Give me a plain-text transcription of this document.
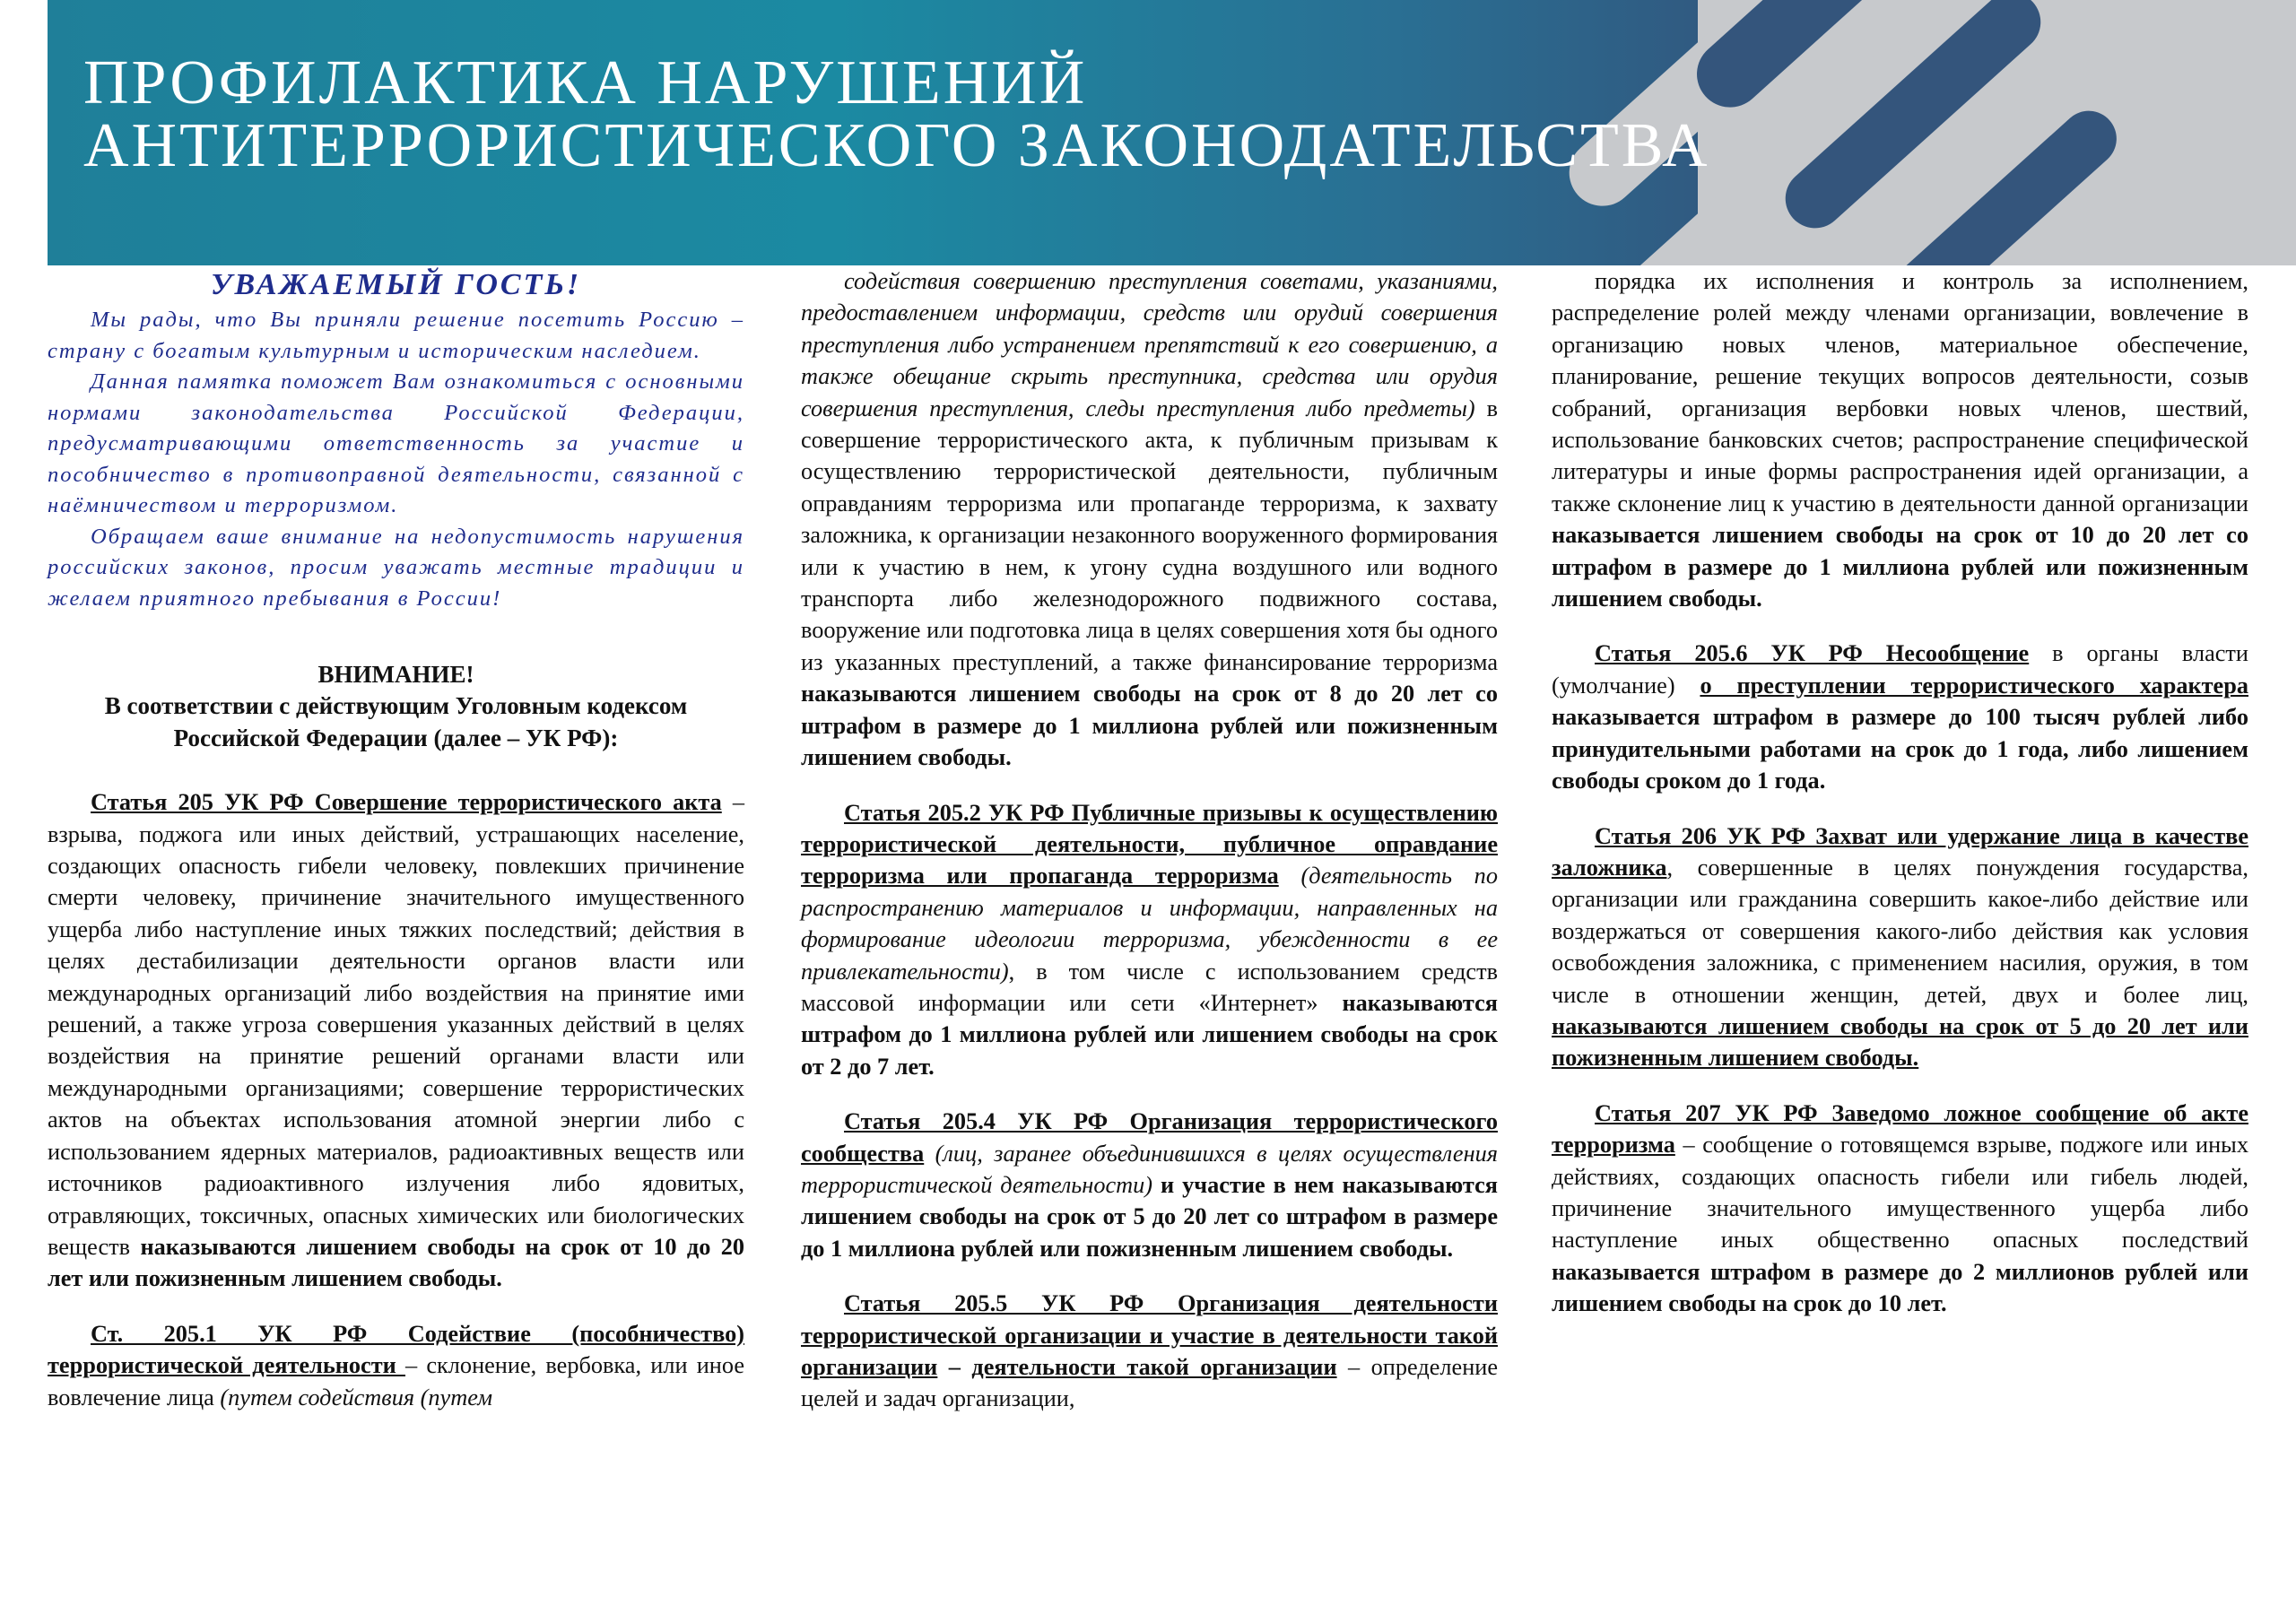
ПРОФИЛАКТИКА НАРУШЕНИЙ
АНТИТЕРРОРИСТИЧЕСКОГО ЗАКОНОДАТЕЛЬСТВА
УВАЖАЕМЫЙ ГОСТЬ!

Мы рады, что Вы приняли решение посетить Россию – страну с богатым культурным и историческим наследием.

Данная памятка поможет Вам ознакомиться с основными нормами законодательства Российской Федерации, предусматривающими ответственность за участие и пособничество в противоправной деятельности, связанной с наёмничеством и терроризмом.

Обращаем ваше внимание на недопустимость нарушения российских законов, просим уважать местные традиции и желаем приятного пребывания в России!

ВНИМАНИЕ!
В соответствии с действующим Уголовным кодексом Российской Федерации (далее – УК РФ):

Статья 205 УК РФ Совершение террористического акта – взрыва, поджога или иных действий, устрашающих население, создающих опасность гибели человеку, повлекших причинение смерти человеку, причинение значительного имущественного ущерба либо наступление иных тяжких последствий; действия в целях дестабилизации деятельности органов власти или международных организаций либо воздействия на принятие ими решений, а также угроза совершения указанных действий в целях воздействия на принятие решений органами власти или международными организациями; совершение террористических актов на объектах использования атомной энергии либо с использованием ядерных материалов, радиоактивных веществ или источников радиоактивного излучения либо ядовитых, отравляющих, токсичных, опасных химических или биологических веществ наказываются лишением свободы на срок от 10 до 20 лет или пожизненным лишением свободы.

Ст. 205.1 УК РФ Содействие (пособничество) террористической деятельности – склонение, вербовка, или иное вовлечение лица (путем содействия (путем

содействия совершению преступления советами, указаниями, предоставлением информации, средств или орудий совершения преступления либо устранением препятствий к его совершению, а также обещание скрыть преступника, средства или орудия совершения преступления, следы преступления либо предметы) в совершение террористического акта, к публичным призывам к осуществлению террористической деятельности, публичным оправданиям терроризма или пропаганде терроризма, к захвату заложника, к организации незаконного вооруженного формирования или к участию в нем, к угону судна воздушного или водного транспорта либо железнодорожного подвижного состава, вооружение или подготовка лица в целях совершения хотя бы одного из указанных преступлений, а также финансирование терроризма наказываются лишением свободы на срок от 8 до 20 лет со штрафом в размере до 1 миллиона рублей или пожизненным лишением свободы.

Статья 205.2 УК РФ Публичные призывы к осуществлению террористической деятельности, публичное оправдание терроризма или пропаганда терроризма (деятельность по распространению материалов и информации, направленных на формирование идеологии терроризма, убежденности в ее привлекательности), в том числе с использованием средств массовой информации или сети «Интернет» наказываются штрафом до 1 миллиона рублей или лишением свободы на срок от 2 до 7 лет.

Статья 205.4 УК РФ Организация террористического сообщества (лиц, заранее объединившихся в целях осуществления террористической деятельности) и участие в нем наказываются лишением свободы на срок от 5 до 20 лет со штрафом в размере до 1 миллиона рублей или пожизненным лишением свободы.

Статья 205.5 УК РФ Организация деятельности террористической организации и участие в деятельности такой организации – деятельности такой организации – определение целей и задач организации,

порядка их исполнения и контроль за исполнением, распределение ролей между членами организации, вовлечение в организацию новых членов, материальное обеспечение, планирование, решение текущих вопросов деятельности, созыв собраний, организация вербовки новых членов, шествий, использование банковских счетов; распространение специфической литературы и иные формы распространения идей организации, а также склонение лиц к участию в деятельности данной организации наказывается лишением свободы на срок от 10 до 20 лет со штрафом в размере до 1 миллиона рублей или пожизненным лишением свободы.

Статья 205.6 УК РФ Несообщение в органы власти (умолчание) о преступлении террористического характера наказывается штрафом в размере до 100 тысяч рублей либо принудительными работами на срок до 1 года, либо лишением свободы сроком до 1 года.

Статья 206 УК РФ Захват или удержание лица в качестве заложника, совершенные в целях понуждения государства, организации или гражданина совершить какое-либо действие или воздержаться от совершения какого-либо действия как условия освобождения заложника, с применением насилия, оружия, в том числе в отношении женщин, детей, двух и более лиц, наказываются лишением свободы на срок от 5 до 20 лет или пожизненным лишением свободы.

Статья 207 УК РФ Заведомо ложное сообщение об акте терроризма – сообщение о готовящемся взрыве, поджоге или иных действиях, создающих опасность гибели или гибель людей, причинение значительного имущественного ущерба либо наступление иных общественно опасных последствий наказывается штрафом в размере до 2 миллионов рублей или лишением свободы на срок до 10 лет.
